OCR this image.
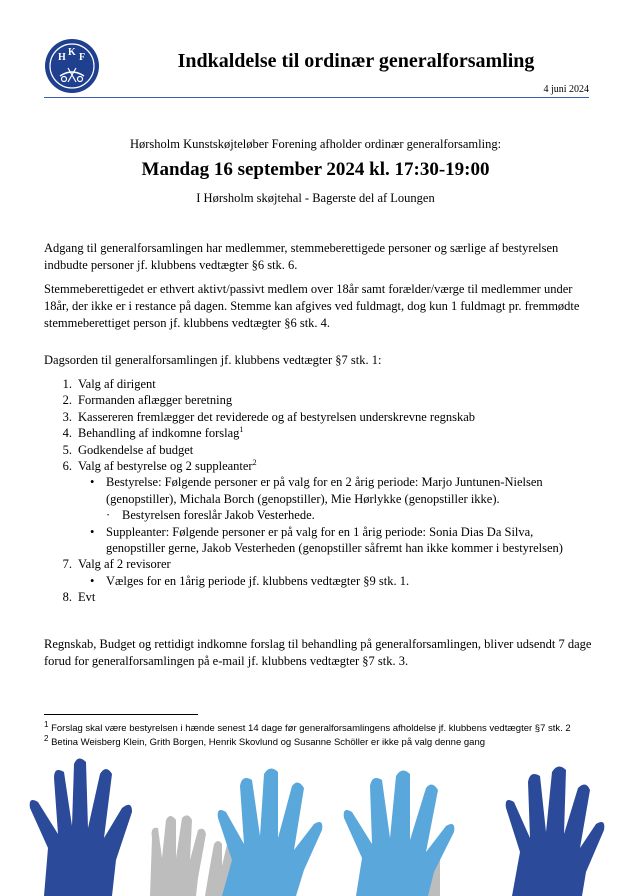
H K F	Indkaldelse til ordinær generalforsamling
4 juni 2024
Hørsholm Kunstskøjteløber Forening afholder ordinær generalforsamling:
Mandag 16 september 2024 kl. 17:30-19:00
I Hørsholm skøjtehal - Bagerste del af Loungen
Adgang til generalforsamlingen har medlemmer, stemmeberettigede personer og særlige af bestyrelsen indbudte personer jf. klubbens vedtægter §6 stk. 6.
Stemmeberettigedet er ethvert aktivt/passivt medlem over 18år samt forælder/værge til medlemmer under 18år, der ikke er i restance på dagen. Stemme kan afgives ved fuldmagt, dog kun 1 fuldmagt pr. fremmødte stemmeberettiget person jf. klubbens vedtægter §6 stk. 4.
Dagsorden til generalforsamlingen jf. klubbens vedtægter §7 stk. 1:
1. Valg af dirigent
2. Formanden aflægger beretning
3. Kassereren fremlægger det reviderede og af bestyrelsen underskrevne regnskab
4. Behandling af indkomne forslag$^1$
5. Godkendelse af budget
6. Valg af bestyrelse og 2 suppleanter$^2$
• Bestyrelse: Følgende personer er på valg for en 2 årig periode: Marjo Juntunen-Nielsen
(genopstiller), Michala Borch (genopstiller), Mie Hørlykke (genopstiller ikke).
· Bestyrelsen foreslår Jakob Vesterhede.
• Suppleanter: Følgende personer er på valg for en 1 årig periode: Sonia Dias Da Silva,
genopstiller gerne, Jakob Vesterheden (genopstiller såfremt han ikke kommer i bestyrelsen)
7. Valg af 2 revisorer
• Vælges for en 1årig periode jf. klubbens vedtægter §9 stk. 1.
8. Evt
Regnskab, Budget og rettidigt indkomne forslag til behandling på generalforsamlingen, bliver udsendt 7 dage forud for generalforsamlingen på e-mail jf. klubbens vedtægter §7 stk. 3.
$^1$ Forslag skal være bestyrelsen i hænde senest 14 dage før generalforsamlingens afholdelse jf. klubbens vedtægter §7 stk. 2
$^2$ Betina Weisberg Klein, Grith Borgen, Henrik Skovlund og Susanne Schöller er ikke på valg denne gang
